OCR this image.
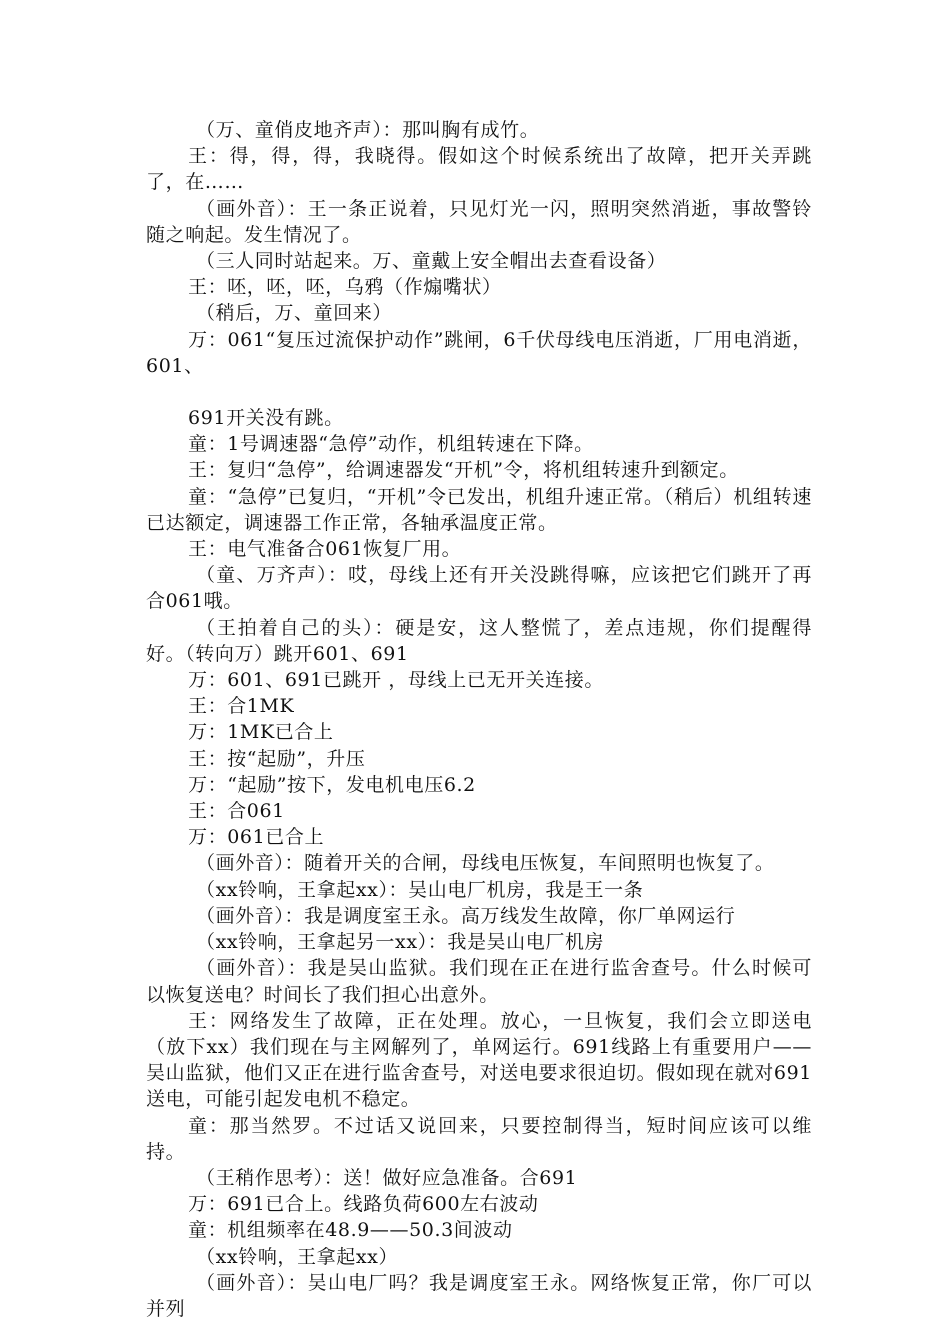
（万、童俏皮地齐声）：那叫胸有成竹。

王：得，得，得，我晓得。假如这个时候系统出了故障，把开关弄跳了，在……

（画外音）：王一条正说着，只见灯光一闪，照明突然消逝，事故警铃随之响起。发生情况了。

（三人同时站起来。万、童戴上安全帽出去查看设备）

王：呸，呸，呸，乌鸦（作煽嘴状）

（稍后，万、童回来）

万：061“复压过流保护动作”跳闸，6千伏母线电压消逝，厂用电消逝，601、

691开关没有跳。

童：1号调速器“急停”动作，机组转速在下降。

王：复归“急停”，给调速器发“开机”令，将机组转速升到额定。

童：“急停”已复归，“开机”令已发出，机组升速正常。（稍后）机组转速已达额定，调速器工作正常，各轴承温度正常。

王：电气准备合061恢复厂用。

（童、万齐声）：哎，母线上还有开关没跳得嘛，应该把它们跳开了再合061哦。

（王拍着自己的头）：硬是安，这人整慌了，差点违规，你们提醒得好。（转向万）跳开601、691

万：601、691已跳开 ，母线上已无开关连接。

王：合1MK

万：1MK已合上

王：按“起励”，升压

万：“起励”按下，发电机电压6.2

王：合061

万：061已合上

（画外音）：随着开关的合闸，母线电压恢复，车间照明也恢复了。

（xx铃响，王拿起xx）：吴山电厂机房，我是王一条

（画外音）：我是调度室王永。高万线发生故障，你厂单网运行

（xx铃响，王拿起另一xx）：我是吴山电厂机房

（画外音）：我是吴山监狱。我们现在正在进行监舍查号。什么时候可以恢复送电？时间长了我们担心出意外。

王：网络发生了故障，正在处理。放心，一旦恢复，我们会立即送电（放下xx）我们现在与主网解列了，单网运行。691线路上有重要用户——吴山监狱，他们又正在进行监舍查号，对送电要求很迫切。假如现在就对691送电，可能引起发电机不稳定。

童：那当然罗。不过话又说回来，只要控制得当，短时间应该可以维持。

（王稍作思考）：送！做好应急准备。合691

万：691已合上。线路负荷600左右波动

童：机组频率在48.9——50.3间波动

（xx铃响，王拿起xx）

（画外音）：吴山电厂吗？我是调度室王永。网络恢复正常，你厂可以并列
